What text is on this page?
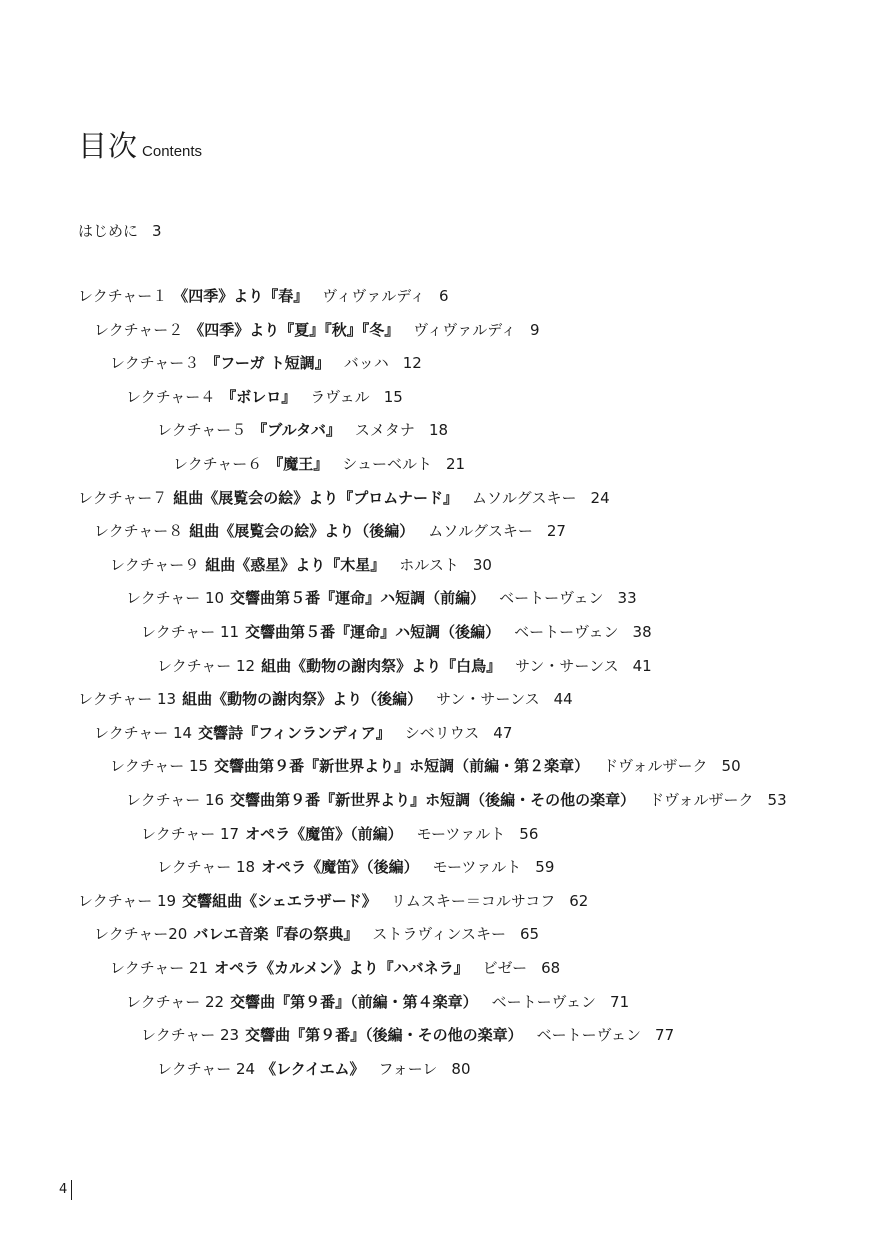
目次 Contents
はじめに 3
レクチャー１ 《四季》より『春』 ヴィヴァルディ 6
レクチャー２ 《四季》より『夏』『秋』『冬』 ヴィヴァルディ 9
レクチャー３ 『フーガ ト短調』 バッハ 12
レクチャー４ 『ボレロ』 ラヴェル 15
レクチャー５ 『ブルタバ』 スメタナ 18
レクチャー６ 『魔王』 シューベルト 21
レクチャー７ 組曲《展覧会の絵》より『プロムナード』 ムソルグスキー 24
レクチャー８ 組曲《展覧会の絵》より（後編） ムソルグスキー 27
レクチャー９ 組曲《惑星》より『木星』 ホルスト 30
レクチャー 10 交響曲第５番『運命』ハ短調（前編） ベートーヴェン 33
レクチャー 11 交響曲第５番『運命』ハ短調（後編） ベートーヴェン 38
レクチャー 12 組曲《動物の謝肉祭》より『白鳥』 サン・サーンス 41
レクチャー 13 組曲《動物の謝肉祭》より（後編） サン・サーンス 44
レクチャー 14 交響詩『フィンランディア』 シベリウス 47
レクチャー 15 交響曲第９番『新世界より』ホ短調（前編・第２楽章） ドヴォルザーク 50
レクチャー 16 交響曲第９番『新世界より』ホ短調（後編・その他の楽章） ドヴォルザーク 53
レクチャー 17 オペラ《魔笛》（前編） モーツァルト 56
レクチャー 18 オペラ《魔笛》（後編） モーツァルト 59
レクチャー 19 交響組曲《シェエラザード》 リムスキー＝コルサコフ 62
レクチャー20 バレエ音楽『春の祭典』 ストラヴィンスキー 65
レクチャー 21 オペラ《カルメン》より『ハバネラ』 ビゼー 68
レクチャー 22 交響曲『第９番』（前編・第４楽章） ベートーヴェン 71
レクチャー 23 交響曲『第９番』（後編・その他の楽章） ベートーヴェン 77
レクチャー 24 《レクイエム》 フォーレ 80
4
